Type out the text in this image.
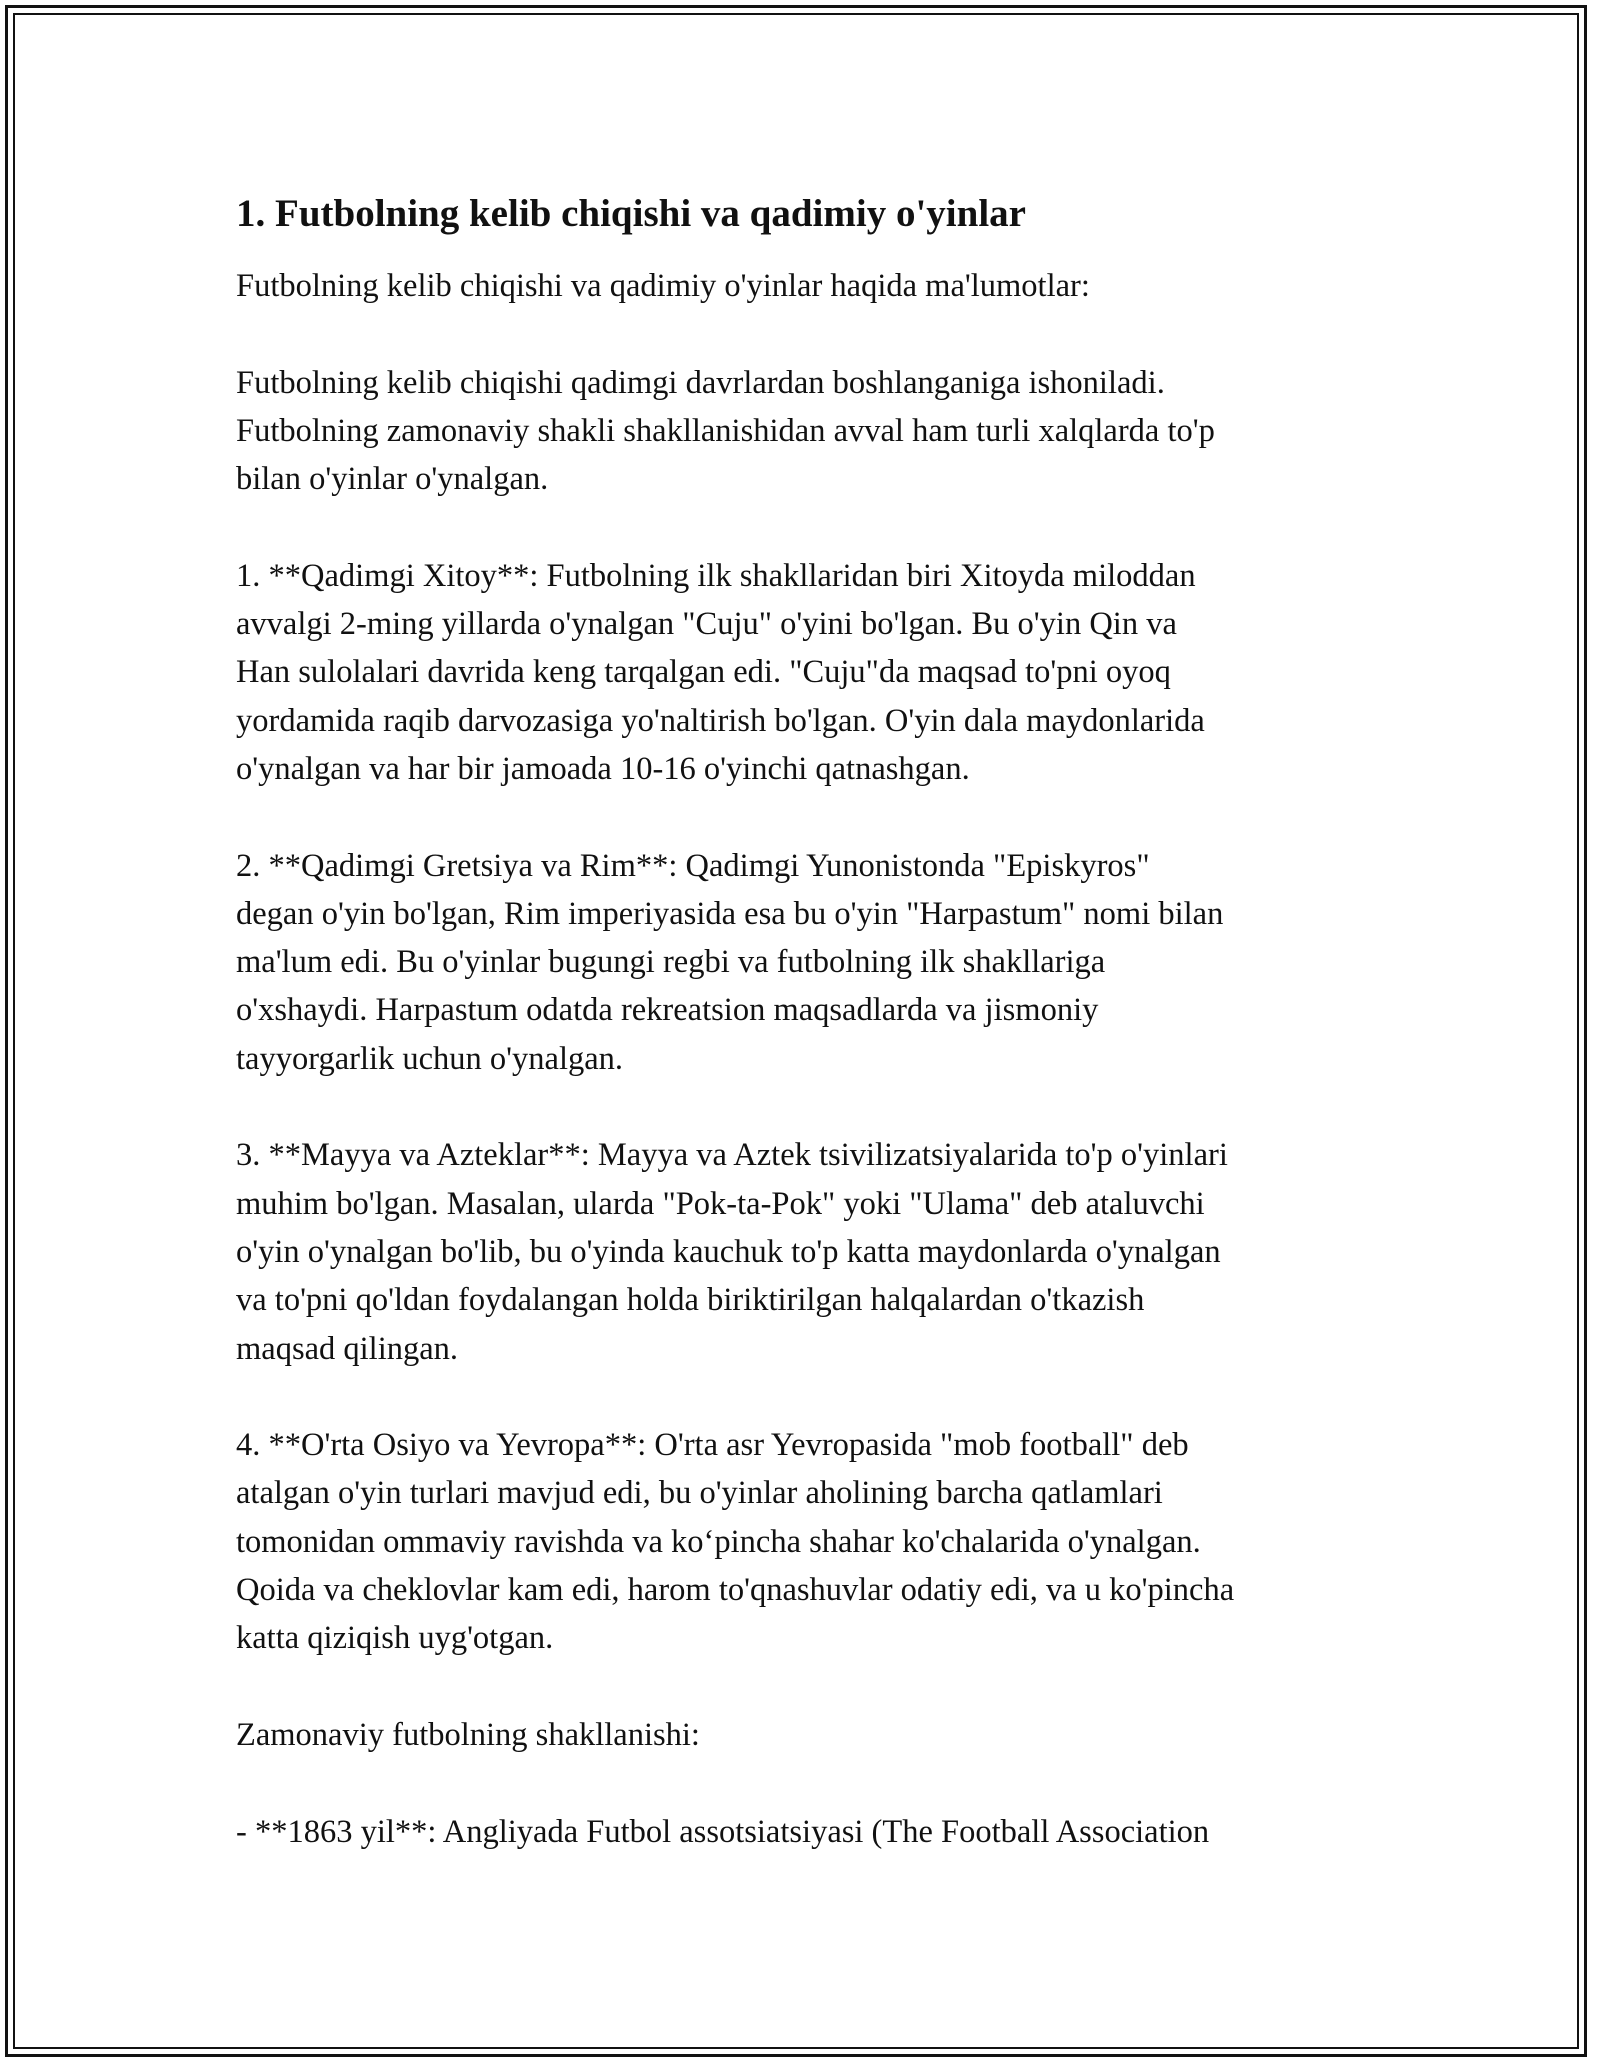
1. Futbolning kelib chiqishi va qadimiy o'yinlar

Futbolning kelib chiqishi va qadimiy o'yinlar haqida ma'lumotlar:

Futbolning kelib chiqishi qadimgi davrlardan boshlanganiga ishoniladi.
Futbolning zamonaviy shakli shakllanishidan avval ham turli xalqlarda to'p
bilan o'yinlar o'ynalgan.

1. **Qadimgi Xitoy**: Futbolning ilk shakllaridan biri Xitoyda miloddan
avvalgi 2-ming yillarda o'ynalgan "Cuju" o'yini bo'lgan. Bu o'yin Qin va
Han sulolalari davrida keng tarqalgan edi. "Cuju"da maqsad to'pni oyoq
yordamida raqib darvozasiga yo'naltirish bo'lgan. O'yin dala maydonlarida
o'ynalgan va har bir jamoada 10-16 o'yinchi qatnashgan.

2. **Qadimgi Gretsiya va Rim**: Qadimgi Yunonistonda "Episkyros"
degan o'yin bo'lgan, Rim imperiyasida esa bu o'yin "Harpastum" nomi bilan
ma'lum edi. Bu o'yinlar bugungi regbi va futbolning ilk shakllariga
o'xshaydi. Harpastum odatda rekreatsion maqsadlarda va jismoniy
tayyorgarlik uchun o'ynalgan.

3. **Mayya va Azteklar**: Mayya va Aztek tsivilizatsiyalarida to'p o'yinlari
muhim bo'lgan. Masalan, ularda "Pok-ta-Pok" yoki "Ulama" deb ataluvchi
o'yin o'ynalgan bo'lib, bu o'yinda kauchuk to'p katta maydonlarda o'ynalgan
va to'pni qo'ldan foydalangan holda biriktirilgan halqalardan o'tkazish
maqsad qilingan.

4. **O'rta Osiyo va Yevropa**: O'rta asr Yevropasida "mob football" deb
atalgan o'yin turlari mavjud edi, bu o'yinlar aholining barcha qatlamlari
tomonidan ommaviy ravishda va ko‘pincha shahar ko'chalarida o'ynalgan.
Qoida va cheklovlar kam edi, harom to'qnashuvlar odatiy edi, va u ko'pincha
katta qiziqish uyg'otgan.

Zamonaviy futbolning shakllanishi:

- **1863 yil**: Angliyada Futbol assotsiatsiyasi (The Football Association
